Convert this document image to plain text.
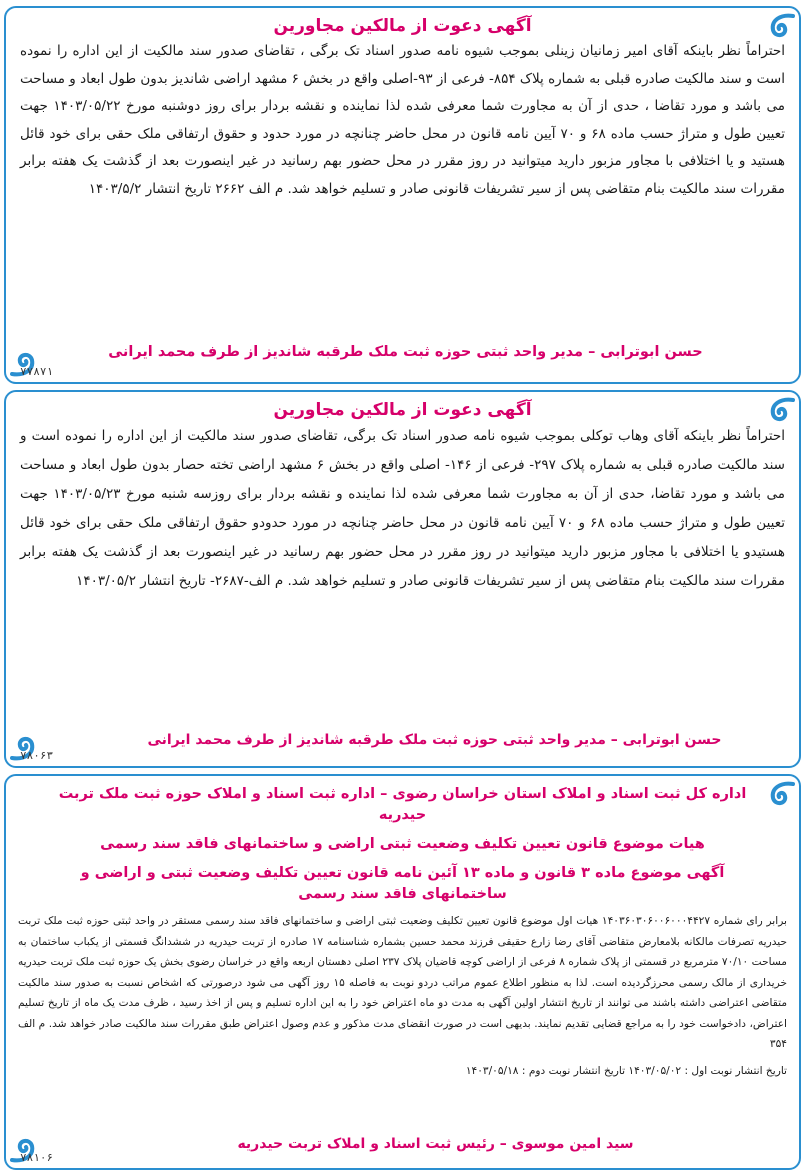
آگهی دعوت از مالکین مجاورین
احتراماً نظر باینکه آقای امیر زمانیان زینلی بموجب شیوه نامه صدور اسناد تک برگی ، تقاضای صدور سند مالکیت از این اداره را نموده است و سند مالکیت صادره قبلی به شماره پلاک ۸۵۴- فرعی از ۹۳-اصلی واقع در بخش ۶ مشهد اراضی شاندیز بدون طول ابعاد و مساحت می باشد و مورد تقاضا ، حدی از آن به مجاورت شما معرفی شده لذا نماینده و نقشه بردار برای روز دوشنبه مورخ ۱۴۰۳/۰۵/۲۲ جهت تعیین طول و متراژ حسب ماده ۶۸ و ۷۰ آیین نامه قانون در محل حاضر چنانچه در مورد حدود و حقوق ارتفاقی ملک حقی برای خود قائل هستید و یا اختلافی با مجاور مزبور دارید میتوانید در روز مقرر در محل حضور بهم رسانید در غیر اینصورت بعد از گذشت یک هفته برابر مقررات سند مالکیت بنام متقاضی پس از سیر تشریفات قانونی صادر و تسلیم خواهد شد. م الف ۲۶۶۲ تاریخ انتشار ۱۴۰۳/۵/۲
حسن ابوترابی – مدیر واحد ثبتی حوزه ثبت ملک طرقبه شاندیز از طرف محمد ایرانی
۷۷۸۷۱
آگهی دعوت از مالکین مجاورین
احتراماً نظر باینکه آقای وهاب توکلی بموجب شیوه نامه صدور اسناد تک برگی، تقاضای صدور سند مالکیت از این اداره را نموده است و سند مالکیت صادره قبلی به شماره پلاک ۲۹۷- فرعی از ۱۴۶- اصلی واقع در بخش ۶ مشهد اراضی تخته حصار بدون طول ابعاد و مساحت می باشد و مورد تقاضا، حدی از آن به مجاورت شما معرفی شده لذا نماینده و نقشه بردار برای روزسه شنبه مورخ ۱۴۰۳/۰۵/۲۳ جهت تعیین طول و متراژ حسب ماده ۶۸ و ۷۰ آیین نامه قانون در محل حاضر چنانچه در مورد حدودو حقوق ارتفاقی ملک حقی برای خود قائل هستیدو یا اختلافی با مجاور مزبور دارید میتوانید در روز مقرر در محل حضور بهم رسانید در غیر اینصورت بعد از گذشت یک هفته برابر مقررات سند مالکیت بنام متقاضی پس از سیر تشریفات قانونی صادر و تسلیم خواهد شد. م الف-۲۶۸۷- تاریخ انتشار ۱۴۰۳/۰۵/۲
حسن ابوترابی – مدیر واحد ثبتی حوزه ثبت ملک طرقبه شاندیز از طرف محمد ایرانی
۷۸۰۶۳
اداره کل ثبت اسناد و املاک استان خراسان رضوی – اداره ثبت اسناد و املاک حوزه ثبت ملک تربت حیدریه
هیات موضوع قانون تعیین تکلیف وضعیت ثبتی اراضی و ساختمانهای فاقد سند رسمی
آگهی موضوع ماده ۳ قانون و ماده ۱۳ آئین نامه قانون تعیین تکلیف وضعیت ثبتی و اراضی و ساختمانهای فاقد سند رسمی
برابر رای شماره ۱۴۰۳۶۰۳۰۶۰۰۶۰۰۰۴۴۲۷ هیات اول موضوع قانون تعیین تکلیف وضعیت ثبتی اراضی و ساختمانهای فاقد سند رسمی مستقر در واحد ثبتی حوزه ثبت ملک تربت حیدریه تصرفات مالکانه بلامعارض متقاضی آقای رضا زارع حقیقی فرزند محمد حسین بشماره شناسنامه ۱۷ صادره از تربت حیدریه در ششدانگ قسمتی از یکباب ساختمان به مساحت ۷۰/۱۰ مترمربع در قسمتی از پلاک شماره ۸ فرعی از اراضی کوچه قاضیان پلاک ۲۳۷ اصلی دهستان اربعه واقع در خراسان رضوی بخش یک حوزه ثبت ملک تربت حیدریه خریداری از مالک رسمی محرزگردیده است. لذا به منظور اطلاع عموم مراتب دردو نوبت به فاصله ۱۵ روز آگهی می شود درصورتی که اشخاص نسبت به صدور سند مالکیت متقاضی اعتراضی داشته باشند می توانند از تاریخ انتشار اولین آگهی به مدت دو ماه اعتراض خود را به این اداره تسلیم و پس از اخذ رسید ، ظرف مدت یک ماه از تاریخ تسلیم اعتراض، دادخواست خود را به مراجع قضایی تقدیم نمایند. بدیهی است در صورت انقضای مدت مذکور و عدم وصول اعتراض طبق مقررات سند مالکیت صادر خواهد شد. م الف ۳۵۴
تاریخ انتشار نوبت اول : ۱۴۰۳/۰۵/۰۲ تاریخ انتشار نوبت دوم : ۱۴۰۳/۰۵/۱۸
سید امین موسوی – رئیس ثبت اسناد و املاک تربت حیدریه
۷۸۱۰۶
